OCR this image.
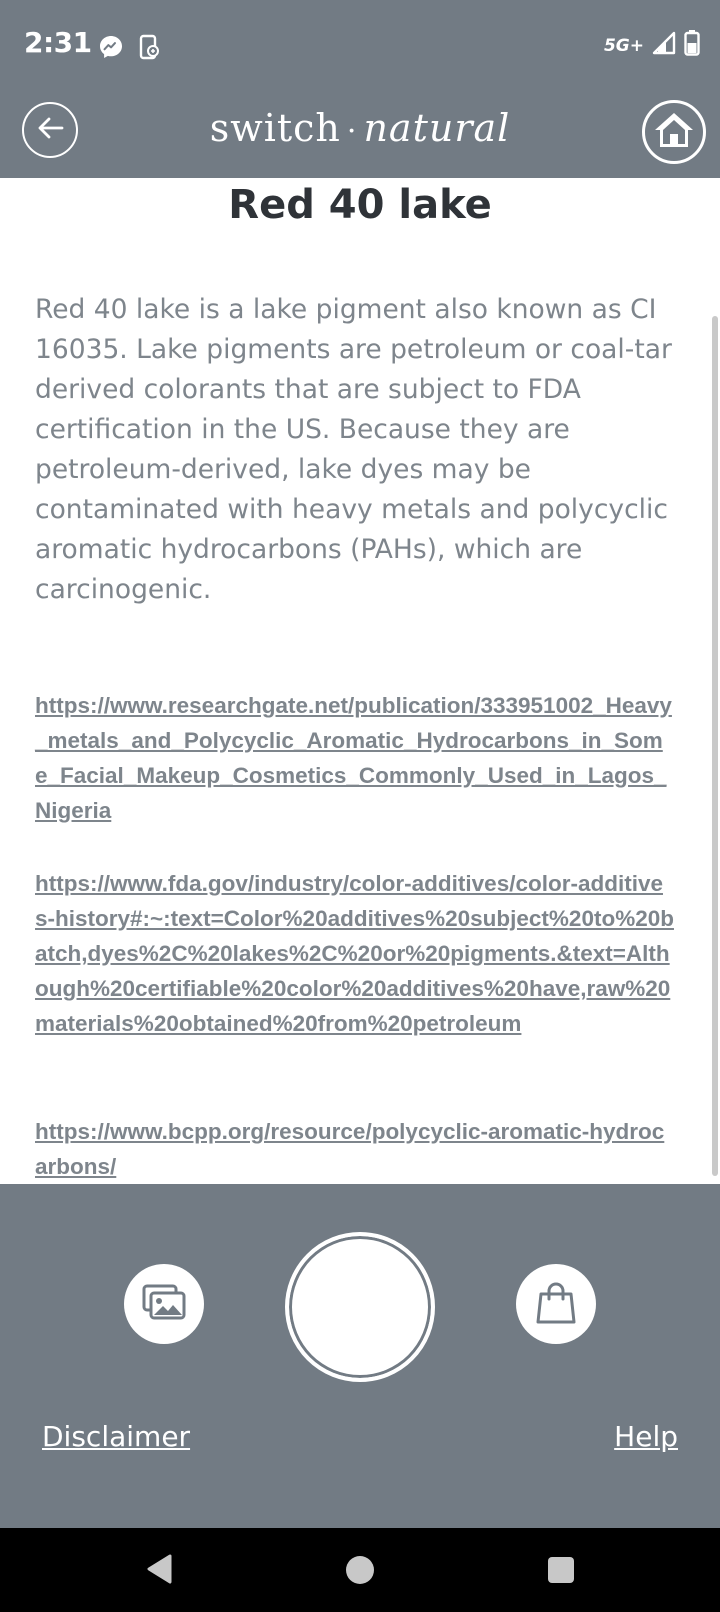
2:31	5G+
switch · natural
Red 40 lake

Red 40 lake is a lake pigment also known as CI 16035. Lake pigments are petroleum or coal-tar derived colorants that are subject to FDA certification in the US. Because they are petroleum-derived, lake dyes may be contaminated with heavy metals and polycyclic aromatic hydrocarbons (PAHs), which are carcinogenic.

https://www.researchgate.net/publication/333951002_Heavy_metals_and_Polycyclic_Aromatic_Hydrocarbons_in_Some_Facial_Makeup_Cosmetics_Commonly_Used_in_Lagos_Nigeria
https://www.fda.gov/industry/color-additives/color-additives-history#:~:text=Color%20additives%20subject%20to%20batch,dyes%2C%20lakes%2C%20or%20pigments.&text=Although%20certifiable%20color%20additives%20have,raw%20materials%20obtained%20from%20petroleum
https://www.bcpp.org/resource/polycyclic-aromatic-hydrocarbons/
Disclaimer	Help
